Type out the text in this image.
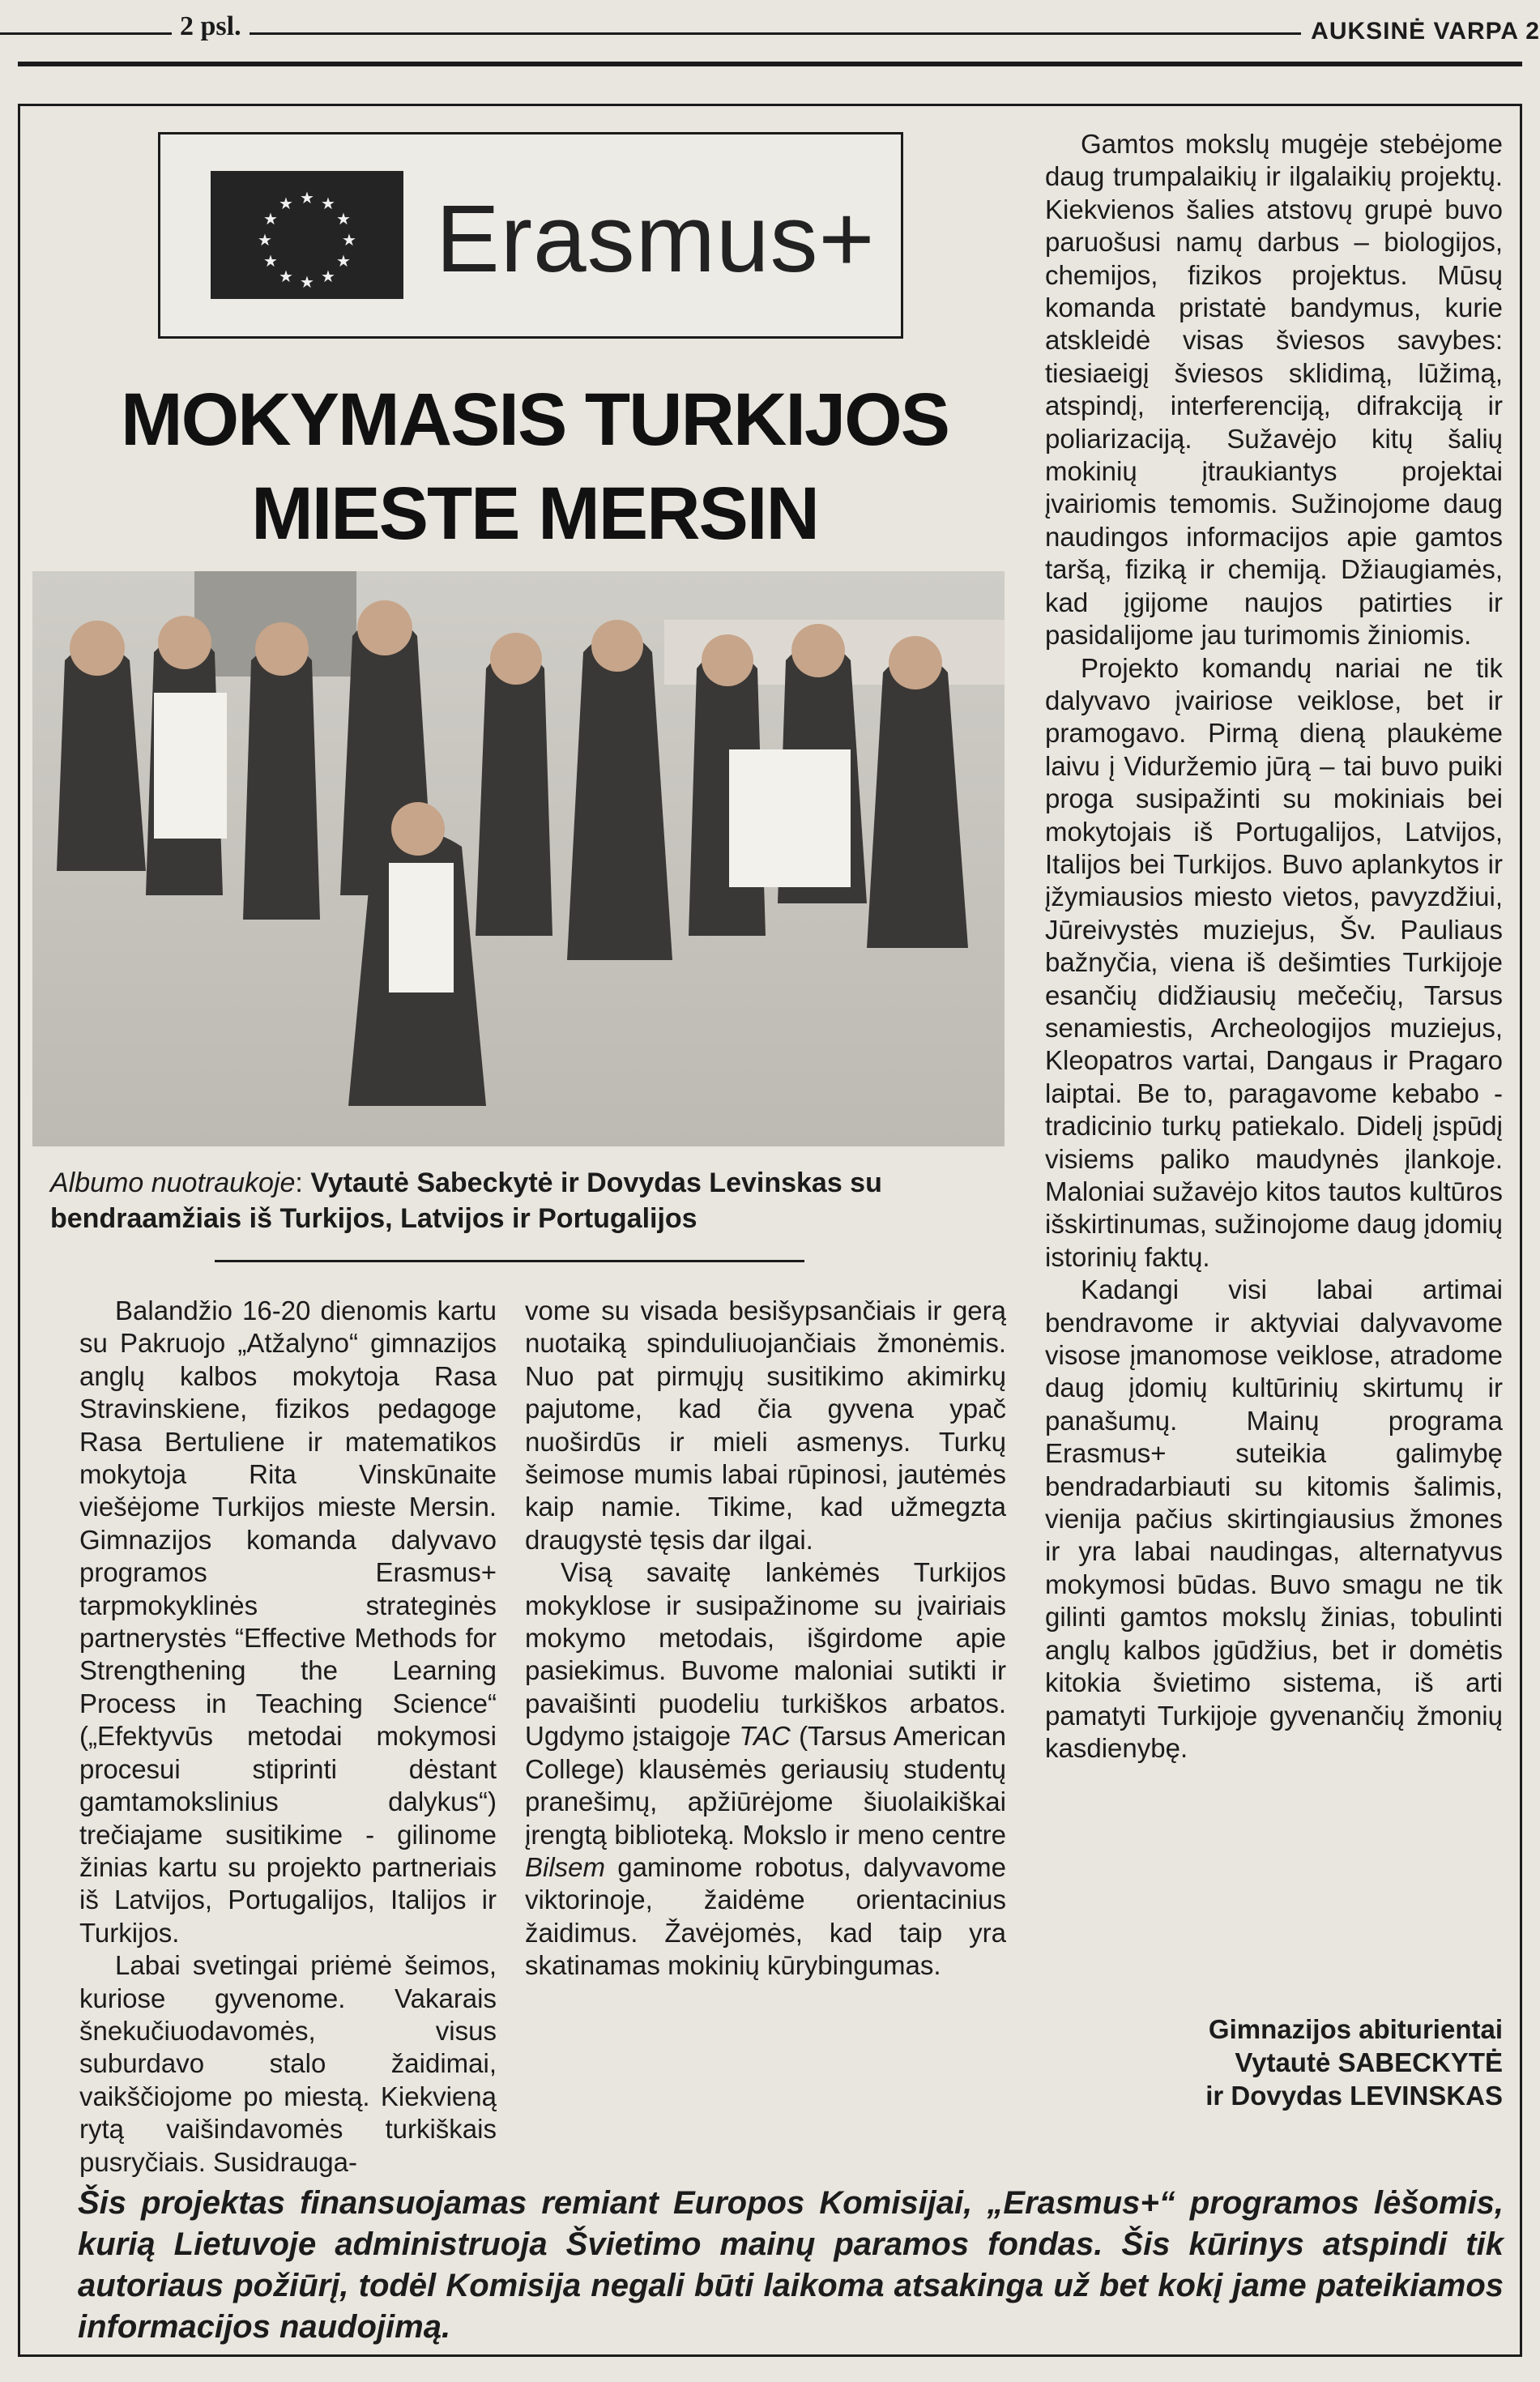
2 psl.	AUKSINĖ VARPA 2
★ ★
★
★
★
★
★
★
★
★
★
★ Erasmus+
MOKYMASIS TURKIJOS
MIESTE MERSIN
Albumo nuotraukoje: Vytautė Sabeckytė ir Dovydas Levinskas su bendraamžiais iš Turkijos, Latvijos ir Portugalijos

Balandžio 16-20 dienomis kartu su Pakruojo „Atžalyno“ gimnazijos anglų kalbos mokytoja Rasa Stravinskiene, fizikos pedagoge Rasa Bertuliene ir matematikos mokytoja Rita Vinskūnaite viešėjome Turkijos mieste Mersin. Gimnazijos komanda dalyvavo programos Erasmus+ tarpmokyklinės strateginės partnerystės “Effective Methods for Strengthening the Learning Process in Teaching Science“ („Efektyvūs metodai mokymosi procesui stiprinti dėstant gamtamokslinius dalykus“) trečiajame susitikime - gilinome žinias kartu su projekto partneriais iš Latvijos, Portugalijos, Italijos ir Turkijos.

Labai svetingai priėmė šeimos, kuriose gyvenome. Vakarais šnekučiuodavomės, visus suburdavo stalo žaidimai, vaikščiojome po miestą. Kiekvieną rytą vaišindavomės turkiškais pusryčiais. Susidrauga-

vome su visada besišypsančiais ir gerą nuotaiką spinduliuojančiais žmonėmis. Nuo pat pirmųjų susitikimo akimirkų pajutome, kad čia gyvena ypač nuoširdūs ir mieli asmenys. Turkų šeimose mumis labai rūpinosi, jautėmės kaip namie. Tikime, kad užmegzta draugystė tęsis dar ilgai.

Visą savaitę lankėmės Turkijos mokyklose ir susipažinome su įvairiais mokymo metodais, išgirdome apie pasiekimus. Buvome maloniai sutikti ir pavaišinti puodeliu turkiškos arbatos. Ugdymo įstaigoje TAC (Tarsus American College) klausėmės geriausių studentų pranešimų, apžiūrėjome šiuolaikiškai įrengtą biblioteką. Mokslo ir meno centre Bilsem gaminome robotus, dalyvavome viktorinoje, žaidėme orientacinius žaidimus. Žavėjomės, kad taip yra skatinamas mokinių kūrybingumas.

Gamtos mokslų mugėje stebėjome daug trumpalaikių ir ilgalaikių projektų. Kiekvienos šalies atstovų grupė buvo paruošusi namų darbus – biologijos, chemijos, fizikos projektus. Mūsų komanda pristatė bandymus, kurie atskleidė visas šviesos savybes: tiesiaeigį šviesos sklidimą, lūžimą, atspindį, interferenciją, difrakciją ir poliarizaciją. Sužavėjo kitų šalių mokinių įtraukiantys projektai įvairiomis temomis. Sužinojome daug naudingos informacijos apie gamtos taršą, fiziką ir chemiją. Džiaugiamės, kad įgijome naujos patirties ir pasidalijome jau turimomis žiniomis.

Projekto komandų nariai ne tik dalyvavo įvairiose veiklose, bet ir pramogavo. Pirmą dieną plaukėme laivu į Viduržemio jūrą – tai buvo puiki proga susipažinti su mokiniais bei mokytojais iš Portugalijos, Latvijos, Italijos bei Turkijos. Buvo aplankytos ir įžymiausios miesto vietos, pavyzdžiui, Jūreivystės muziejus, Šv. Pauliaus bažnyčia, viena iš dešimties Turkijoje esančių didžiausių mečečių, Tarsus senamiestis, Archeologijos muziejus, Kleopatros vartai, Dangaus ir Pragaro laiptai. Be to, paragavome kebabo - tradicinio turkų patiekalo. Didelį įspūdį visiems paliko maudynės įlankoje. Maloniai sužavėjo kitos tautos kultūros išskirtinumas, sužinojome daug įdomių istorinių faktų.

Kadangi visi labai artimai bendravome ir aktyviai dalyvavome visose įmanomose veiklose, atradome daug įdomių kultūrinių skirtumų ir panašumų. Mainų programa Erasmus+ suteikia galimybę bendradarbiauti su kitomis šalimis, vienija pačius skirtingiausius žmones ir yra labai naudingas, alternatyvus mokymosi būdas. Buvo smagu ne tik gilinti gamtos mokslų žinias, tobulinti anglų kalbos įgūdžius, bet ir domėtis kitokia švietimo sistema, iš arti pamatyti Turkijoje gyvenančių žmonių kasdienybę.

Gimnazijos abiturientai
Vytautė SABECKYTĖ
ir Dovydas LEVINSKAS
Šis projektas finansuojamas remiant Europos Komisijai, „Erasmus+“ programos lėšomis, kurią Lietuvoje administruoja Švietimo mainų paramos fondas. Šis kūrinys atspindi tik autoriaus požiūrį, todėl Komisija negali būti laikoma atsakinga už bet kokį jame pateikiamos informacijos naudojimą.
